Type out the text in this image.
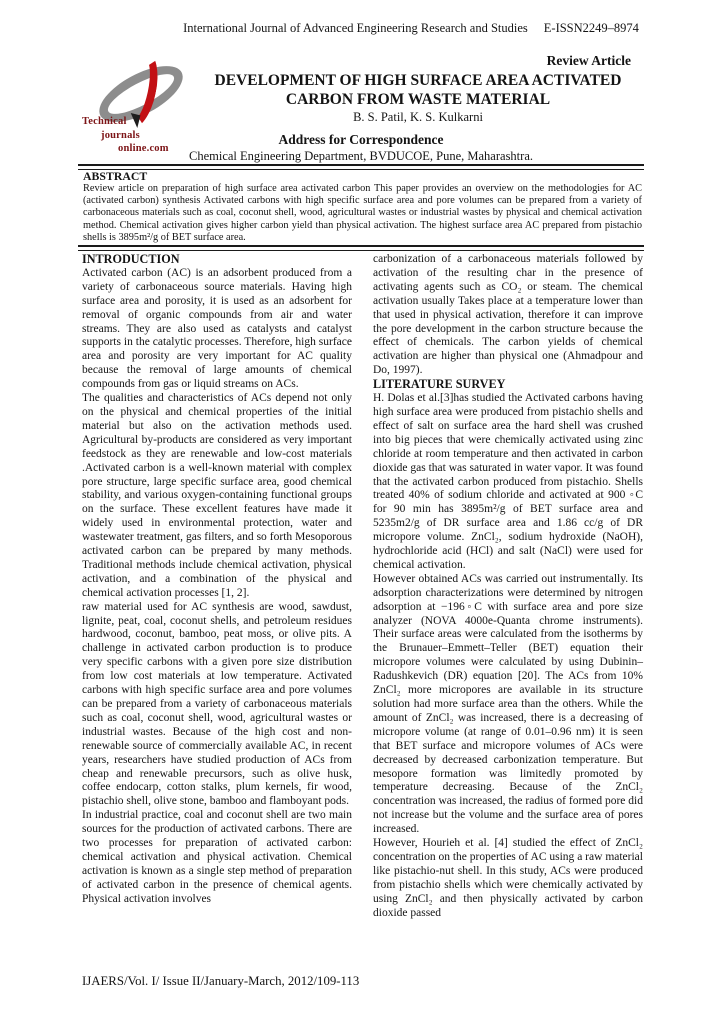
International Journal of Advanced Engineering Research and Studies E-ISSN2249–8974
Technical
journals
online.com
Review Article
DEVELOPMENT OF HIGH SURFACE AREA ACTIVATED
CARBON FROM WASTE MATERIAL
B. S. Patil, K. S. Kulkarni
Address for Correspondence
Chemical Engineering Department, BVDUCOE, Pune, Maharashtra.
ABSTRACT
Review article on preparation of high surface area activated carbon This paper provides an overview on the methodologies for AC (activated carbon) synthesis Activated carbons with high specific surface area and pore volumes can be prepared from a variety of carbonaceous materials such as coal, coconut shell, wood, agricultural wastes or industrial wastes by physical and chemical activation method. Chemical activation gives higher carbon yield than physical activation. The highest surface area AC prepared from pistachio shells is 3895m²/g of BET surface area.
INTRODUCTION

Activated carbon (AC) is an adsorbent produced from a variety of carbonaceous source materials. Having high surface area and porosity, it is used as an adsorbent for removal of organic compounds from air and water streams. They are also used as catalysts and catalyst supports in the catalytic processes. Therefore, high surface area and porosity are very important for AC quality because the removal of large amounts of chemical compounds from gas or liquid streams on ACs.

The qualities and characteristics of ACs depend not only on the physical and chemical properties of the initial material but also on the activation methods used. Agricultural by-products are considered as very important feedstock as they are renewable and low-cost materials .Activated carbon is a well-known material with complex pore structure, large specific surface area, good chemical stability, and various oxygen-containing functional groups on the surface. These excellent features have made it widely used in environmental protection, water and wastewater treatment, gas filters, and so forth Mesoporous activated carbon can be prepared by many methods. Traditional methods include chemical activation, physical activation, and a combination of the physical and chemical activation processes [1, 2].

raw material used for AC synthesis are wood, sawdust, lignite, peat, coal, coconut shells, and petroleum residues hardwood, coconut, bamboo, peat moss, or olive pits. A challenge in activated carbon production is to produce very specific carbons with a given pore size distribution from low cost materials at low temperature. Activated carbons with high specific surface area and pore volumes can be prepared from a variety of carbonaceous materials such as coal, coconut shell, wood, agricultural wastes or industrial wastes. Because of the high cost and non-renewable source of commercially available AC, in recent years, researchers have studied production of ACs from cheap and renewable precursors, such as olive husk, coffee endocarp, cotton stalks, plum kernels, fir wood, pistachio shell, olive stone, bamboo and flamboyant pods.

In industrial practice, coal and coconut shell are two main sources for the production of activated carbons. There are two processes for preparation of activated carbon: chemical activation and physical activation. Chemical activation is known as a single step method of preparation of activated carbon in the presence of chemical agents. Physical activation involves

carbonization of a carbonaceous materials followed by activation of the resulting char in the presence of activating agents such as CO₂ or steam. The chemical activation usually Takes place at a temperature lower than that used in physical activation, therefore it can improve the pore development in the carbon structure because the effect of chemicals. The carbon yields of chemical activation are higher than physical one (Ahmadpour and Do, 1997).

LITERATURE SURVEY

H. Dolas et al.[3]has studied the Activated carbons having high surface area were produced from pistachio shells and effect of salt on surface area the hard shell was crushed into big pieces that were chemically activated using zinc chloride at room temperature and then activated in carbon dioxide gas that was saturated in water vapor. It was found that the activated carbon produced from pistachio. Shells treated 40% of sodium chloride and activated at 900 ◦C for 90 min has 3895m²/g of BET surface area and 5235m2/g of DR surface area and 1.86 cc/g of DR micropore volume. ZnCl₂, sodium hydroxide (NaOH), hydrochloride acid (HCl) and salt (NaCl) were used for chemical activation.

However obtained ACs was carried out instrumentally. Its adsorption characterizations were determined by nitrogen adsorption at −196◦C with surface area and pore size analyzer (NOVA 4000e-Quanta chrome instruments). Their surface areas were calculated from the isotherms by the Brunauer–Emmett–Teller (BET) equation their micropore volumes were calculated by using Dubinin–Radushkevich (DR) equation [20]. The ACs from 10% ZnCl₂ more micropores are available in its structure solution had more surface area than the others. While the amount of ZnCl₂ was increased, there is a decreasing of micropore volume (at range of 0.01–0.96 nm) it is seen that BET surface and micropore volumes of ACs were decreased by decreased carbonization temperature. But mesopore formation was limitedly promoted by temperature decreasing. Because of the ZnCl₂ concentration was increased, the radius of formed pore did not increase but the volume and the surface area of pores increased.

However, Hourieh et al. [4] studied the effect of ZnCl₂ concentration on the properties of AC using a raw material like pistachio-nut shell. In this study, ACs were produced from pistachio shells which were chemically activated by using ZnCl₂ and then physically activated by carbon dioxide passed

IJAERS/Vol. I/ Issue II/January-March, 2012/109-113
